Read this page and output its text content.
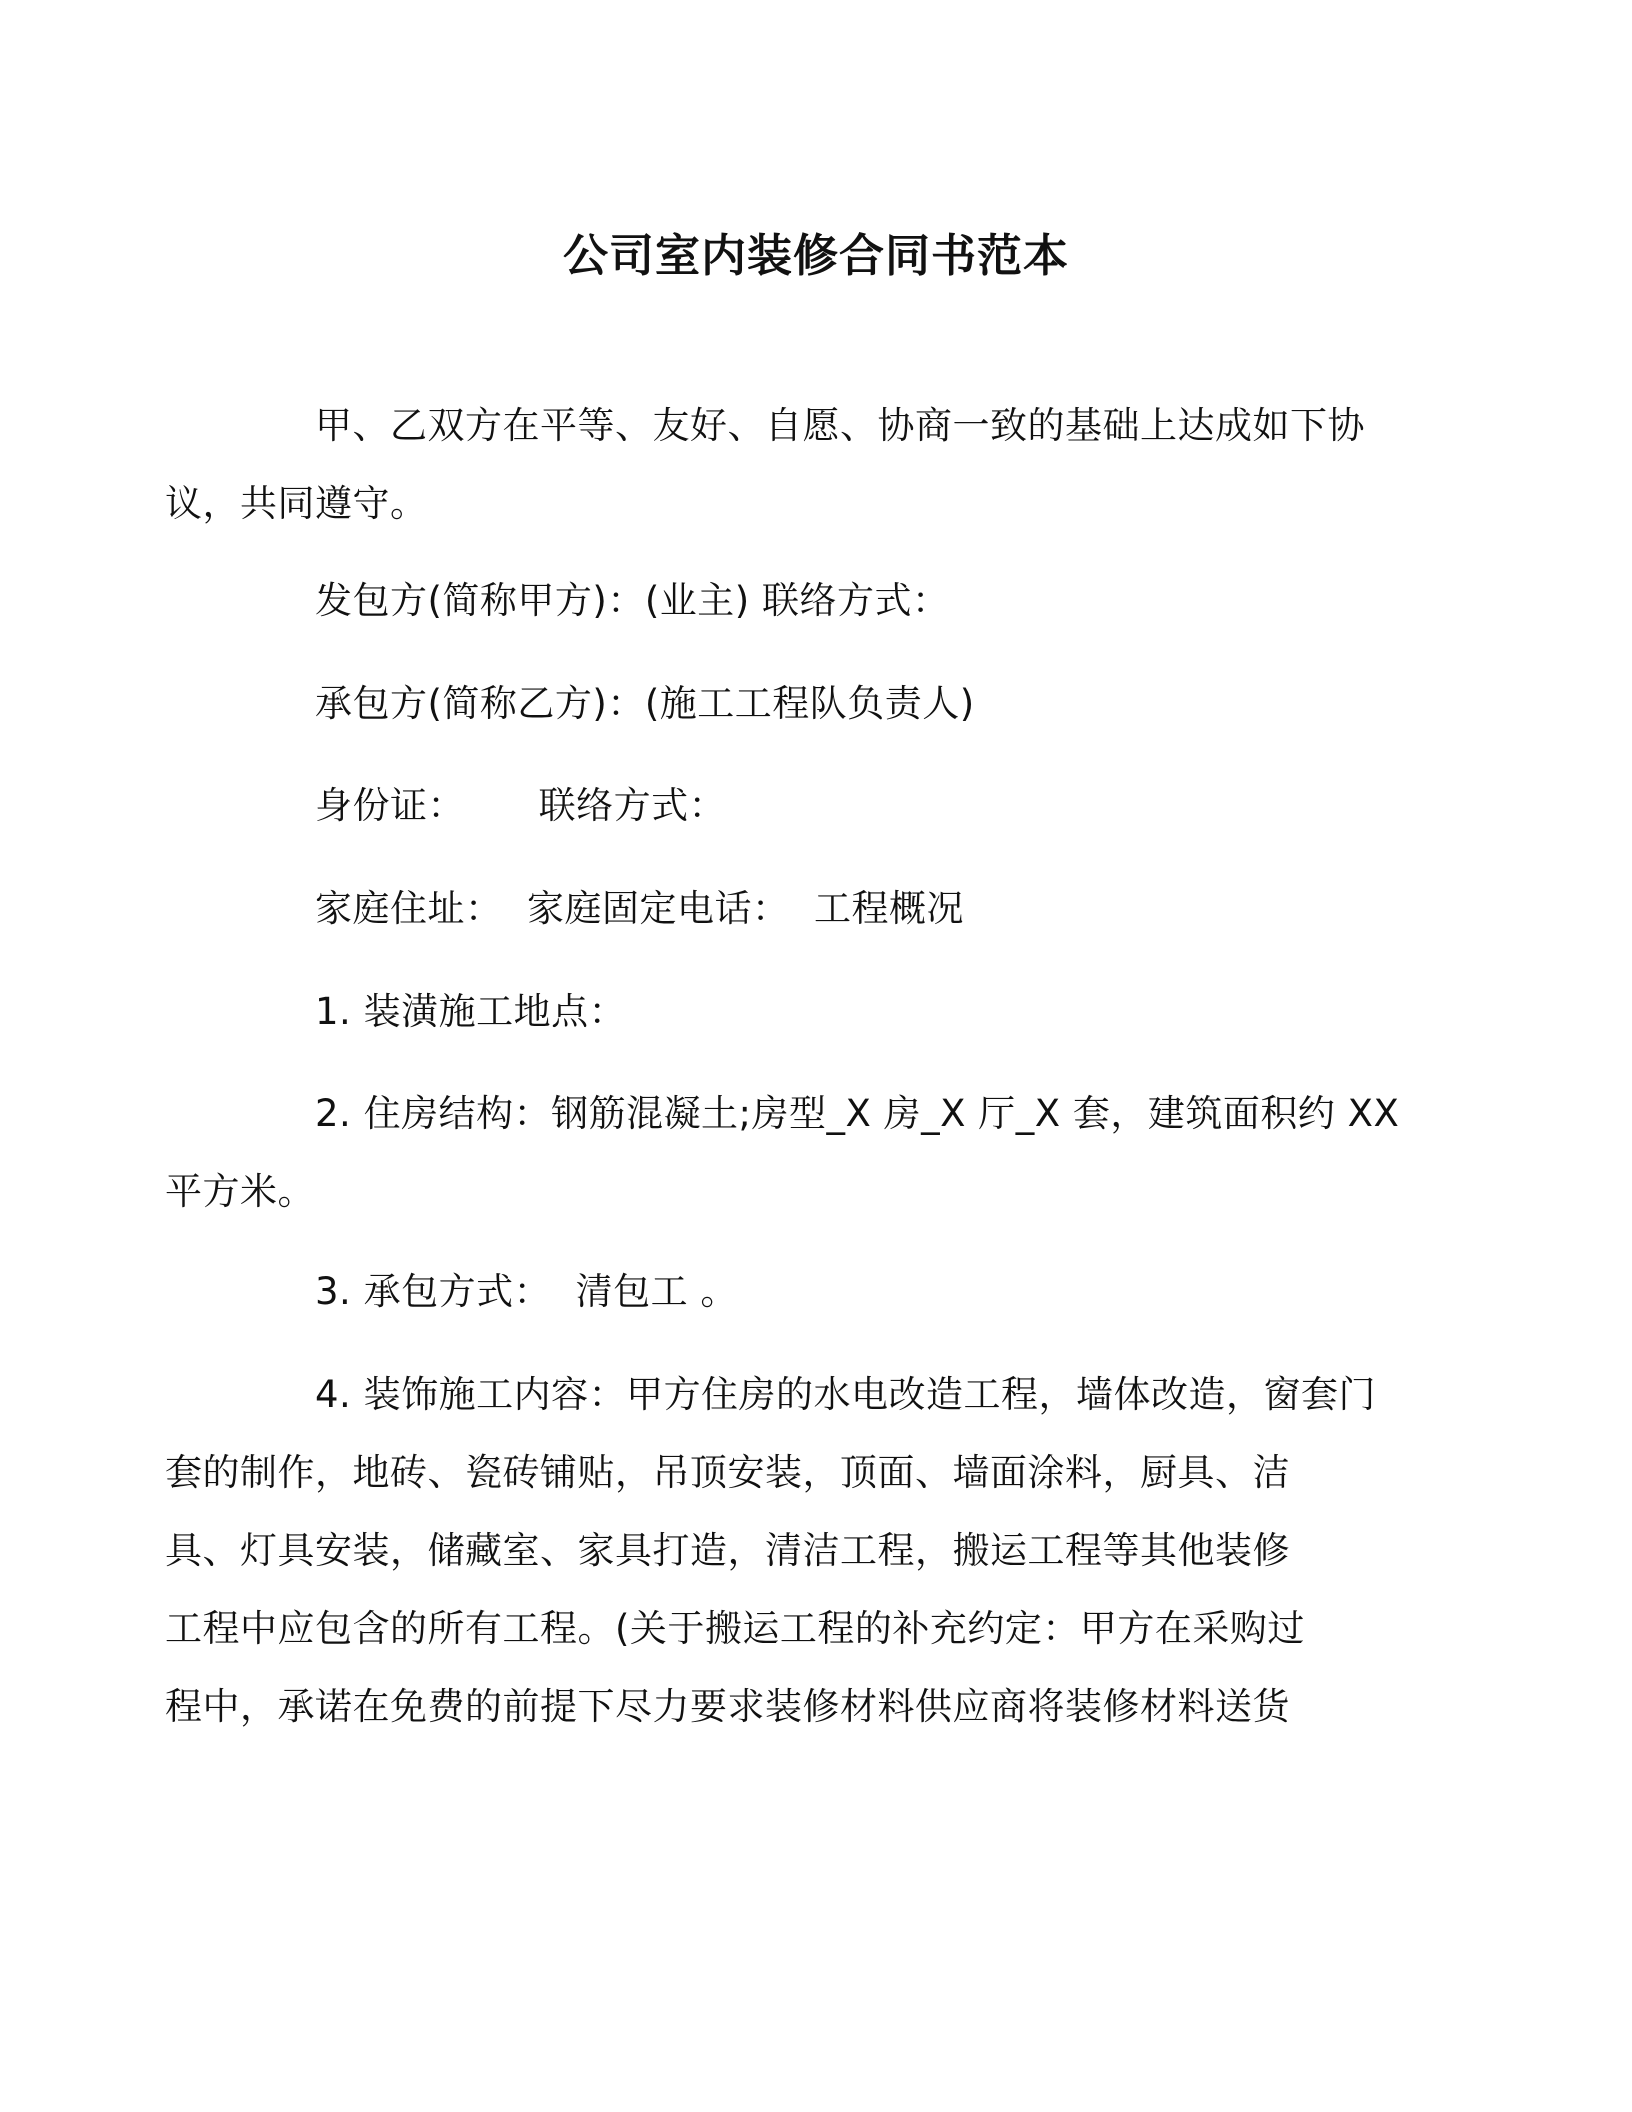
公司室内装修合同书范本
甲、乙双方在平等、友好、自愿、协商一致的基础上达成如下协
议，共同遵守。
发包方(简称甲方)：(业主) 联络方式：
承包方(简称乙方)：(施工工程队负责人)
身份证：      联络方式：
家庭住址：  家庭固定电话：  工程概况
1. 装潢施工地点：
2. 住房结构：钢筋混凝土;房型_X 房_X 厅_X 套，建筑面积约 XX
平方米。
3. 承包方式：  清包工 。
4. 装饰施工内容：甲方住房的水电改造工程，墙体改造，窗套门
套的制作，地砖、瓷砖铺贴，吊顶安装，顶面、墙面涂料，厨具、洁
具、灯具安装，储藏室、家具打造，清洁工程，搬运工程等其他装修
工程中应包含的所有工程。(关于搬运工程的补充约定：甲方在采购过
程中，承诺在免费的前提下尽力要求装修材料供应商将装修材料送货
